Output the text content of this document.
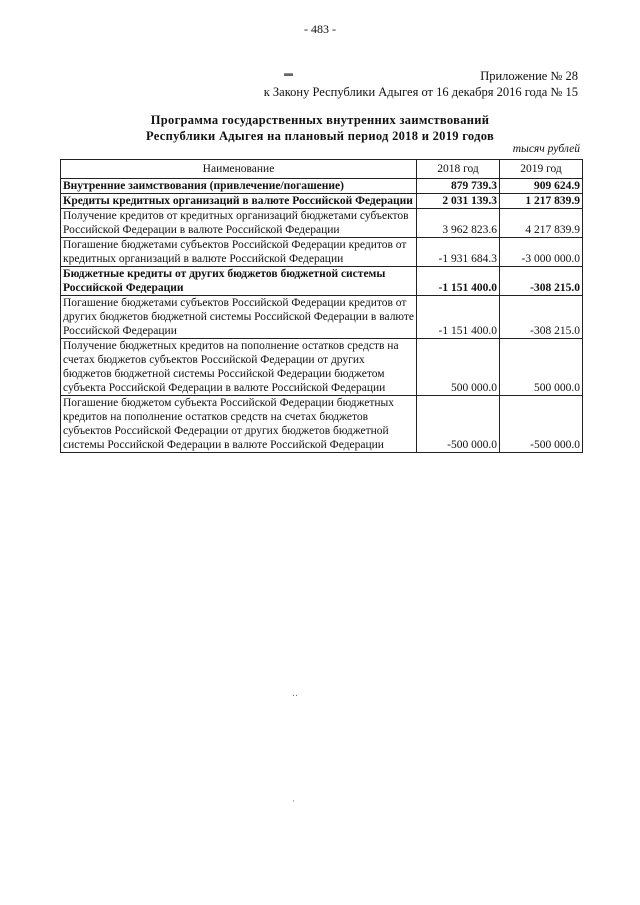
- 483 -
Приложение № 28
к Закону Республики Адыгея от 16 декабря 2016 года № 15
Программа государственных внутренних заимствований
Республики Адыгея на плановый период 2018 и 2019 годов
тысяч рублей
Наименование	2018 год	2019 год
Внутренние заимствования (привлечение/погашение)	879 739.3	909 624.9
Кредиты кредитных организаций в валюте Российской Федерации	2 031 139.3	1 217 839.9
Получение кредитов от кредитных организаций бюджетами субъектов Российской Федерации в валюте Российской Федерации	3 962 823.6	4 217 839.9
Погашение бюджетами субъектов Российской Федерации кредитов от кредитных организаций в валюте Российской Федерации	-1 931 684.3	-3 000 000.0
Бюджетные кредиты от других бюджетов бюджетной системы Российской Федерации	-1 151 400.0	-308 215.0
Погашение бюджетами субъектов Российской Федерации кредитов от других бюджетов бюджетной системы Российской Федерации в валюте Российской Федерации	-1 151 400.0	-308 215.0
Получение бюджетных кредитов на пополнение остатков средств на счетах бюджетов субъектов Российской Федерации от других бюджетов бюджетной системы Российской Федерации бюджетом субъекта Российской Федерации в валюте Российской Федерации	500 000.0	500 000.0
Погашение бюджетом субъекта Российской Федерации бюджетных кредитов на пополнение остатков средств на счетах бюджетов субъектов Российской Федерации от других бюджетов бюджетной системы Российской Федерации в валюте Российской Федерации	-500 000.0	-500 000.0
▬
‥
·
